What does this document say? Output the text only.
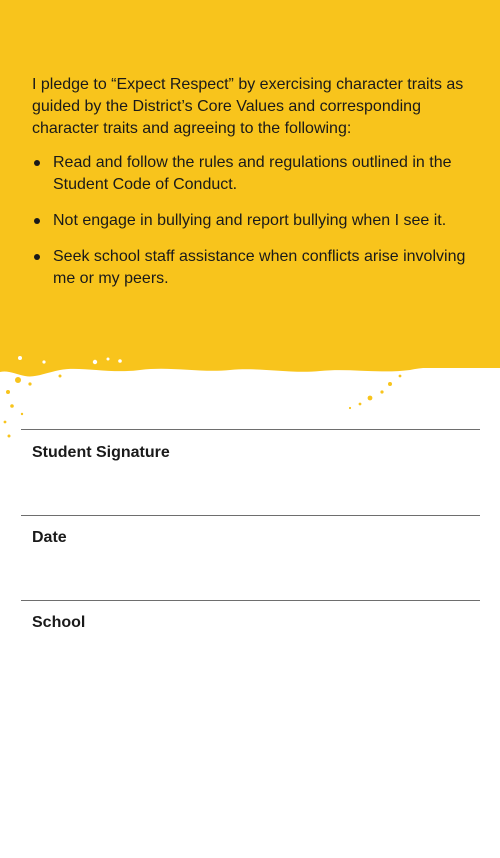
I pledge to “Expect Respect” by exercising character traits as guided by the District’s Core Values and corresponding character traits and agreeing to the following:

Read and follow the rules and regulations outlined in the Student Code of Conduct.
Not engage in bullying and report bullying when I see it.
Seek school staff assistance when conflicts arise involving me or my peers.

Student Signature

Date

School
